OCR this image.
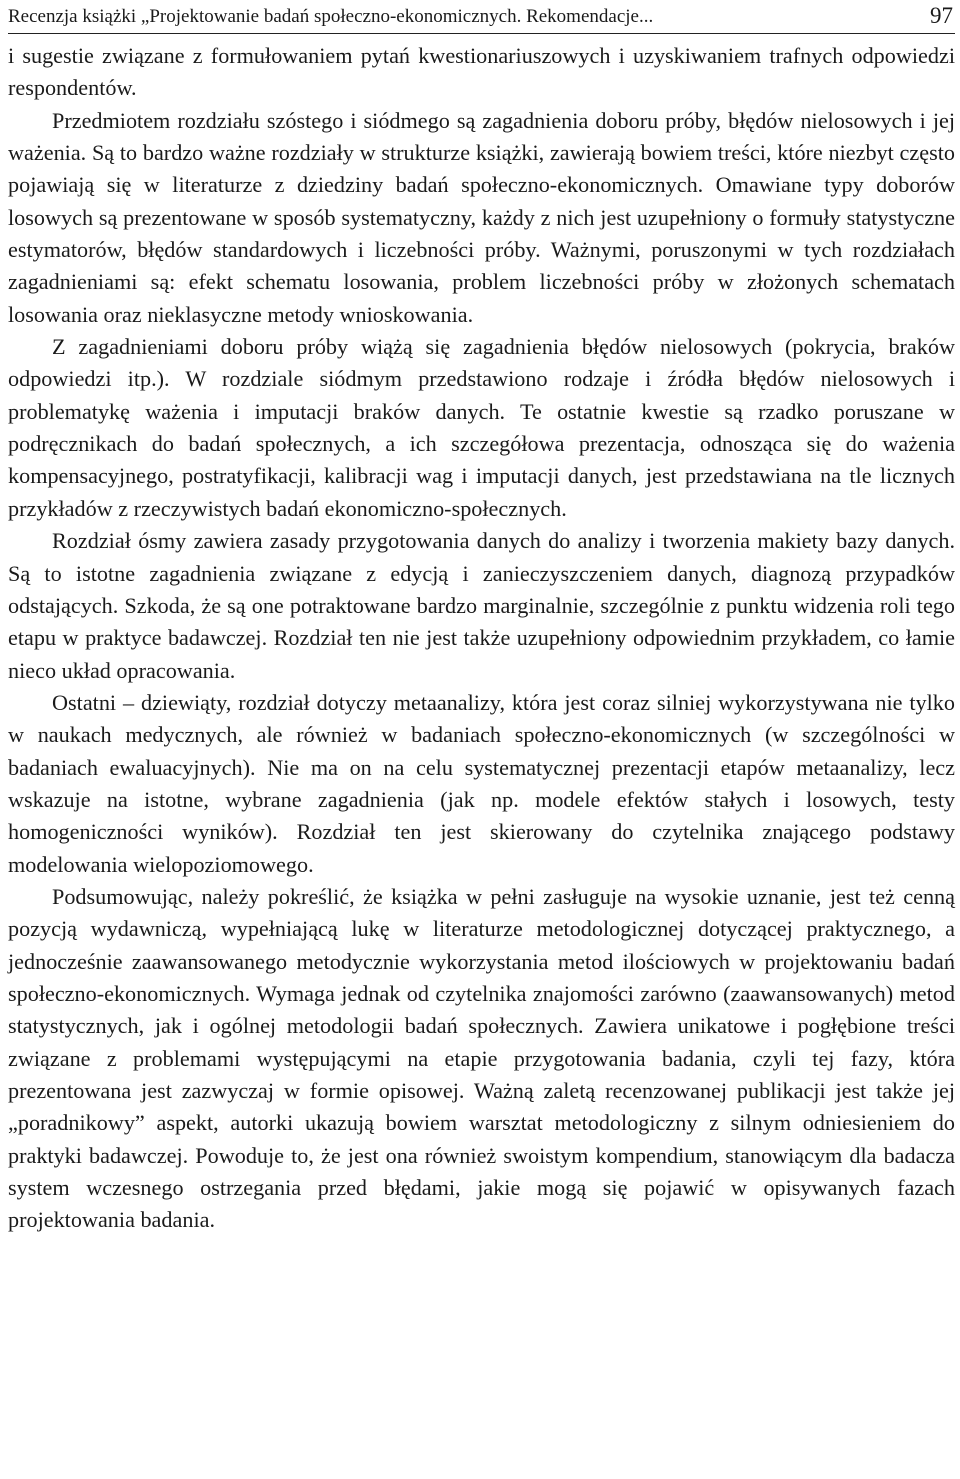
Recenzja książki „Projektowanie badań społeczno-ekonomicznych. Rekomendacje...	97

i sugestie związane z formułowaniem pytań kwestionariuszowych i uzyskiwaniem trafnych odpowiedzi respondentów.

Przedmiotem rozdziału szóstego i siódmego są zagadnienia doboru próby, błędów nielosowych i jej ważenia. Są to bardzo ważne rozdziały w strukturze książki, zawierają bowiem treści, które niezbyt często pojawiają się w literaturze z dziedziny badań społeczno-ekonomicznych. Omawiane typy doborów losowych są prezentowane w sposób systematyczny, każdy z nich jest uzupełniony o formuły statystyczne estymatorów, błędów standardowych i liczebności próby. Ważnymi, poruszonymi w tych rozdziałach zagadnieniami są: efekt schematu losowania, problem liczebności próby w złożonych schematach losowania oraz nieklasyczne metody wnioskowania.

Z zagadnieniami doboru próby wiążą się zagadnienia błędów nielosowych (pokrycia, braków odpowiedzi itp.). W rozdziale siódmym przedstawiono rodzaje i źródła błędów nielosowych i problematykę ważenia i imputacji braków danych. Te ostatnie kwestie są rzadko poruszane w podręcznikach do badań społecznych, a ich szczegółowa prezentacja, odnosząca się do ważenia kompensacyjnego, postratyfikacji, kalibracji wag i imputacji danych, jest przedstawiana na tle licznych przykładów z rzeczywistych badań ekonomiczno-społecznych.

Rozdział ósmy zawiera zasady przygotowania danych do analizy i tworzenia makiety bazy danych. Są to istotne zagadnienia związane z edycją i zanieczyszczeniem danych, diagnozą przypadków odstających. Szkoda, że są one potraktowane bardzo marginalnie, szczególnie z punktu widzenia roli tego etapu w praktyce badawczej. Rozdział ten nie jest także uzupełniony odpowiednim przykładem, co łamie nieco układ opracowania.

Ostatni – dziewiąty, rozdział dotyczy metaanalizy, która jest coraz silniej wykorzystywana nie tylko w naukach medycznych, ale również w badaniach społeczno-ekonomicznych (w szczególności w badaniach ewaluacyjnych). Nie ma on na celu systematycznej prezentacji etapów metaanalizy, lecz wskazuje na istotne, wybrane zagadnienia (jak np. modele efektów stałych i losowych, testy homogeniczności wyników). Rozdział ten jest skierowany do czytelnika znającego podstawy modelowania wielopoziomowego.

Podsumowując, należy pokreślić, że książka w pełni zasługuje na wysokie uznanie, jest też cenną pozycją wydawniczą, wypełniającą lukę w literaturze metodologicznej dotyczącej praktycznego, a jednocześnie zaawansowanego metodycznie wykorzystania metod ilościowych w projektowaniu badań społeczno-ekonomicznych. Wymaga jednak od czytelnika znajomości zarówno (zaawansowanych) metod statystycznych, jak i ogólnej metodologii badań społecznych. Zawiera unikatowe i pogłębione treści związane z problemami występującymi na etapie przygotowania badania, czyli tej fazy, która prezentowana jest zazwyczaj w formie opisowej. Ważną zaletą recenzowanej publikacji jest także jej „poradnikowy” aspekt, autorki ukazują bowiem warsztat metodologiczny z silnym odniesieniem do praktyki badawczej. Powoduje to, że jest ona również swoistym kompendium, stanowiącym dla badacza system wczesnego ostrzegania przed błędami, jakie mogą się pojawić w opisywanych fazach projektowania badania.
